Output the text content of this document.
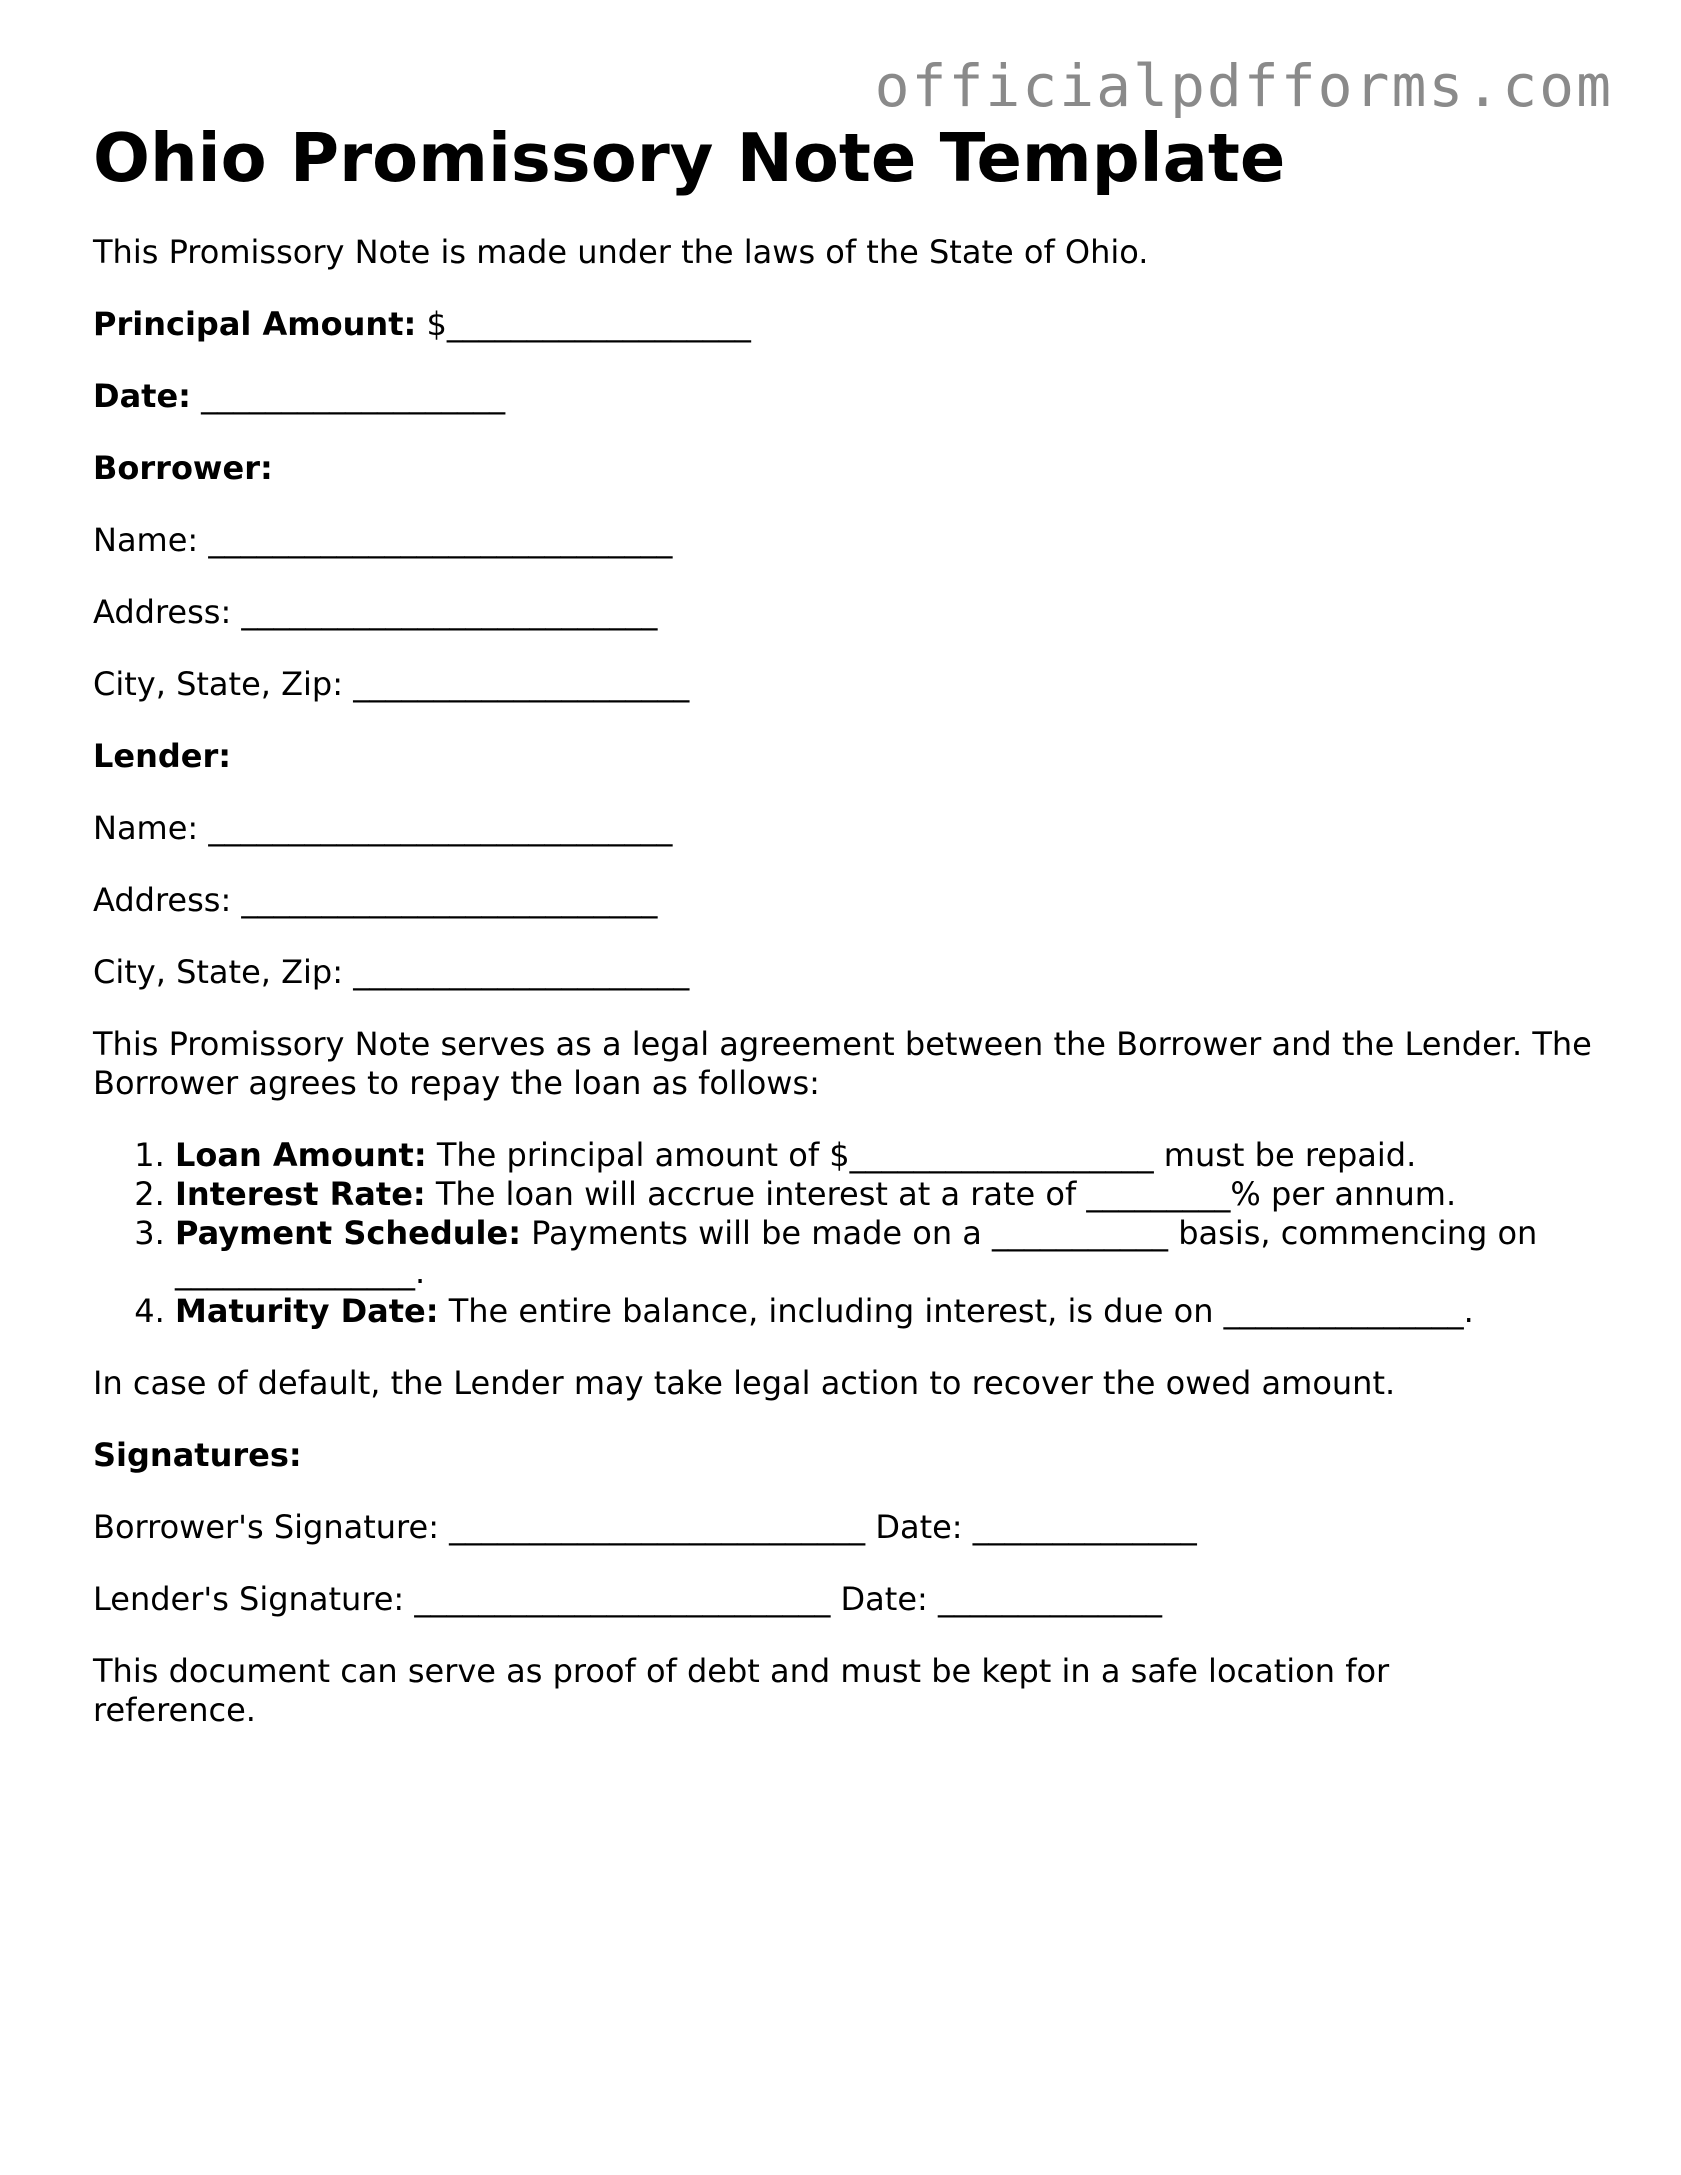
officialpdfforms.com
Ohio Promissory Note Template

This Promissory Note is made under the laws of the State of Ohio.

Principal Amount: $___________________

Date: ___________________

Borrower:

Name: _____________________________

Address: __________________________

City, State, Zip: _____________________

Lender:

Name: _____________________________

Address: __________________________

City, State, Zip: _____________________

This Promissory Note serves as a legal agreement between the Borrower and the Lender. The Borrower agrees to repay the loan as follows:

1. Loan Amount: The principal amount of $___________________ must be repaid.
2. Interest Rate: The loan will accrue interest at a rate of _________% per annum.
3. Payment Schedule: Payments will be made on a ___________ basis, commencing on _______________.
4. Maturity Date: The entire balance, including interest, is due on _______________.

In case of default, the Lender may take legal action to recover the owed amount.

Signatures:

Borrower's Signature: __________________________ Date: ______________

Lender's Signature: __________________________ Date: ______________

This document can serve as proof of debt and must be kept in a safe location for reference.
